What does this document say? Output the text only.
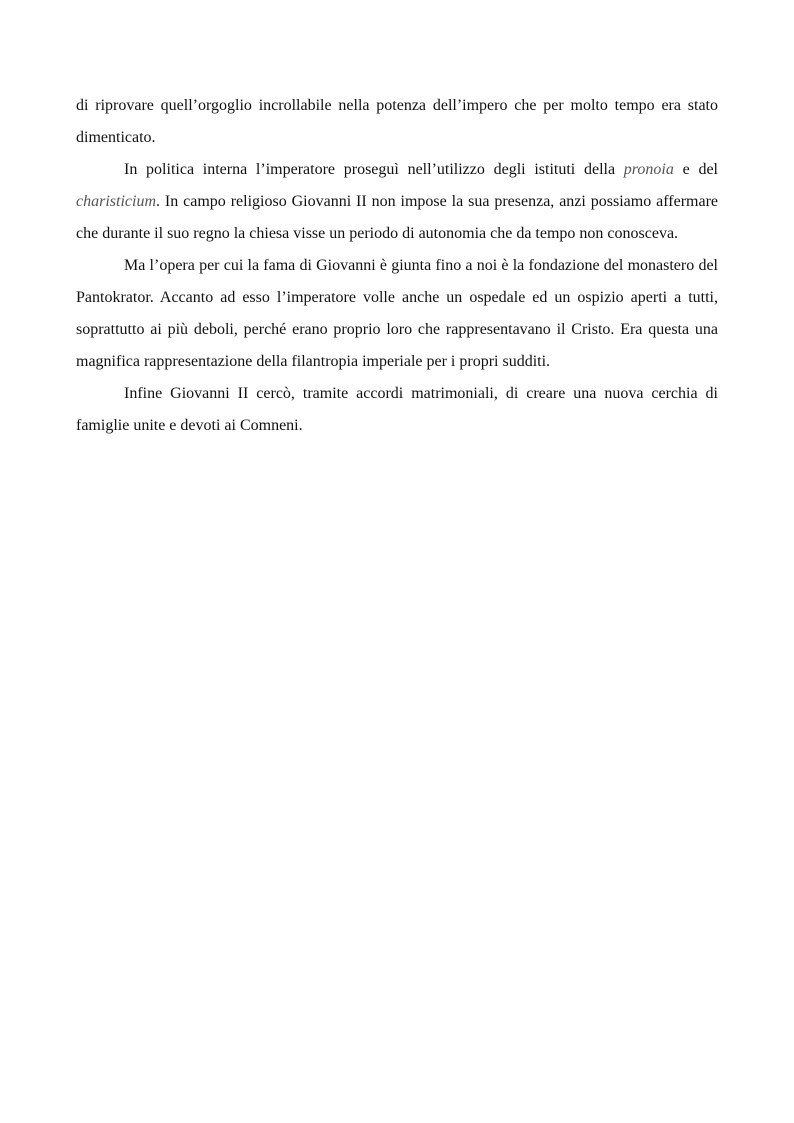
di riprovare quell’orgoglio incrollabile nella potenza dell’impero che per molto tempo era stato dimenticato.

In politica interna l’imperatore proseguì nell’utilizzo degli istituti della pronoia e del charisticium. In campo religioso Giovanni II non impose la sua presenza, anzi possiamo affermare che durante il suo regno la chiesa visse un periodo di autonomia che da tempo non conosceva.

Ma l’opera per cui la fama di Giovanni è giunta fino a noi è la fondazione del monastero del Pantokrator. Accanto ad esso l’imperatore volle anche un ospedale ed un ospizio aperti a tutti, soprattutto ai più deboli, perché erano proprio loro che rappresentavano il Cristo. Era questa una magnifica rappresentazione della filantropia imperiale per i propri sudditi.

Infine Giovanni II cercò, tramite accordi matrimoniali, di creare una nuova cerchia di famiglie unite e devoti ai Comneni.
